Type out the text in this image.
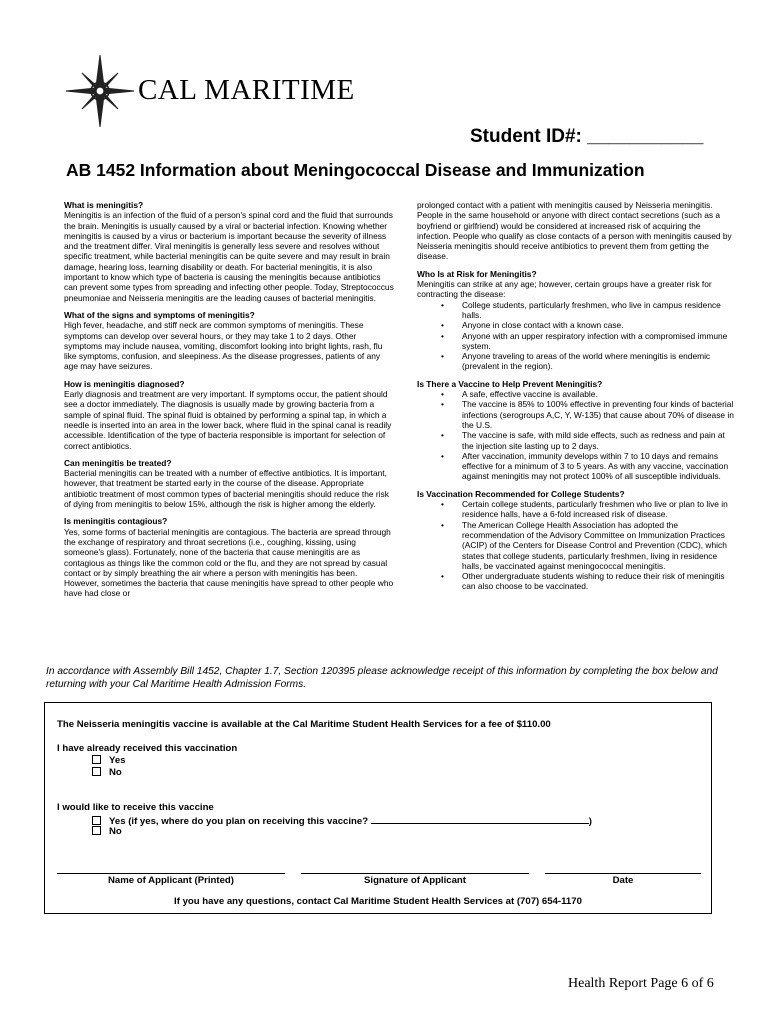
CAL MARITIME
Student ID#: ___________
AB 1452 Information about Meningococcal Disease and Immunization
What is meningitis?
Meningitis is an infection of the fluid of a person's spinal cord and the fluid that surrounds the brain. Meningitis is usually caused by a viral or bacterial infection. Knowing whether meningitis is caused by a virus or bacterium is important because the severity of illness and the treatment differ. Viral meningitis is generally less severe and resolves without specific treatment, while bacterial meningitis can be quite severe and may result in brain damage, hearing loss, learning disability or death. For bacterial meningitis, it is also important to know which type of bacteria is causing the meningitis because antibiotics can prevent some types from spreading and infecting other people. Today, Streptococcus pneumoniae and Neisseria meningitis are the leading causes of bacterial meningitis.
What of the signs and symptoms of meningitis?
High fever, headache, and stiff neck are common symptoms of meningitis. These symptoms can develop over several hours, or they may take 1 to 2 days. Other symptoms may include nausea, vomiting, discomfort looking into bright lights, rash, flu like symptoms, confusion, and sleepiness. As the disease progresses, patients of any age may have seizures.
How is meningitis diagnosed?
Early diagnosis and treatment are very important. If symptoms occur, the patient should see a doctor immediately. The diagnosis is usually made by growing bacteria from a sample of spinal fluid. The spinal fluid is obtained by performing a spinal tap, in which a needle is inserted into an area in the lower back, where fluid in the spinal canal is readily accessible. Identification of the type of bacteria responsible is important for selection of correct antibiotics.
Can meningitis be treated?
Bacterial meningitis can be treated with a number of effective antibiotics. It is important, however, that treatment be started early in the course of the disease. Appropriate antibiotic treatment of most common types of bacterial meningitis should reduce the risk of dying from meningitis to below 15%, although the risk is higher among the elderly.
Is meningitis contagious?
Yes, some forms of bacterial meningitis are contagious. The bacteria are spread through the exchange of respiratory and throat secretions (i.e., coughing, kissing, using someone's glass). Fortunately, none of the bacteria that cause meningitis are as contagious as things like the common cold or the flu, and they are not spread by casual contact or by simply breathing the air where a person with meningitis has been. However, sometimes the bacteria that cause meningitis have spread to other people who have had close or
prolonged contact with a patient with meningitis caused by Neisseria meningitis. People in the same household or anyone with direct contact secretions (such as a boyfriend or girlfriend) would be considered at increased risk of acquiring the infection. People who qualify as close contacts of a person with meningitis caused by Neisseria meningitis should receive antibiotics to prevent them from getting the disease.
Who Is at Risk for Meningitis?
Meningitis can strike at any age; however, certain groups have a greater risk for contracting the disease:
• College students, particularly freshmen, who live in campus residence halls.
• Anyone in close contact with a known case.
• Anyone with an upper respiratory infection with a compromised immune system.
• Anyone traveling to areas of the world where meningitis is endemic (prevalent in the region).
Is There a Vaccine to Help Prevent Meningitis?
• A safe, effective vaccine is available.
• The vaccine is 85% to 100% effective in preventing four kinds of bacterial infections (serogroups A,C, Y, W-135) that cause about 70% of disease in the U.S.
• The vaccine is safe, with mild side effects, such as redness and pain at the injection site lasting up to 2 days.
• After vaccination, immunity develops within 7 to 10 days and remains effective for a minimum of 3 to 5 years. As with any vaccine, vaccination against meningitis may not protect 100% of all susceptible individuals.
Is Vaccination Recommended for College Students?
• Certain college students, particularly freshmen who live or plan to live in residence halls, have a 6-fold increased risk of disease.
• The American College Health Association has adopted the recommendation of the Advisory Committee on Immunization Practices (ACIP) of the Centers for Disease Control and Prevention (CDC), which states that college students, particularly freshmen, living in residence halls, be vaccinated against meningococcal meningitis.
• Other undergraduate students wishing to reduce their risk of meningitis can also choose to be vaccinated.
In accordance with Assembly Bill 1452, Chapter 1.7, Section 120395 please acknowledge receipt of this information by completing the box below and returning with your Cal Maritime Health Admission Forms.
The Neisseria meningitis vaccine is available at the Cal Maritime Student Health Services for a fee of $110.00
I have already received this vaccination
Yes
No
I would like to receive this vaccine
Yes (if yes, where do you plan on receiving this vaccine?	)
No
Name of Applicant (Printed)	Signature of Applicant	Date
If you have any questions, contact Cal Maritime Student Health Services at (707) 654-1170
Health Report Page 6 of 6
